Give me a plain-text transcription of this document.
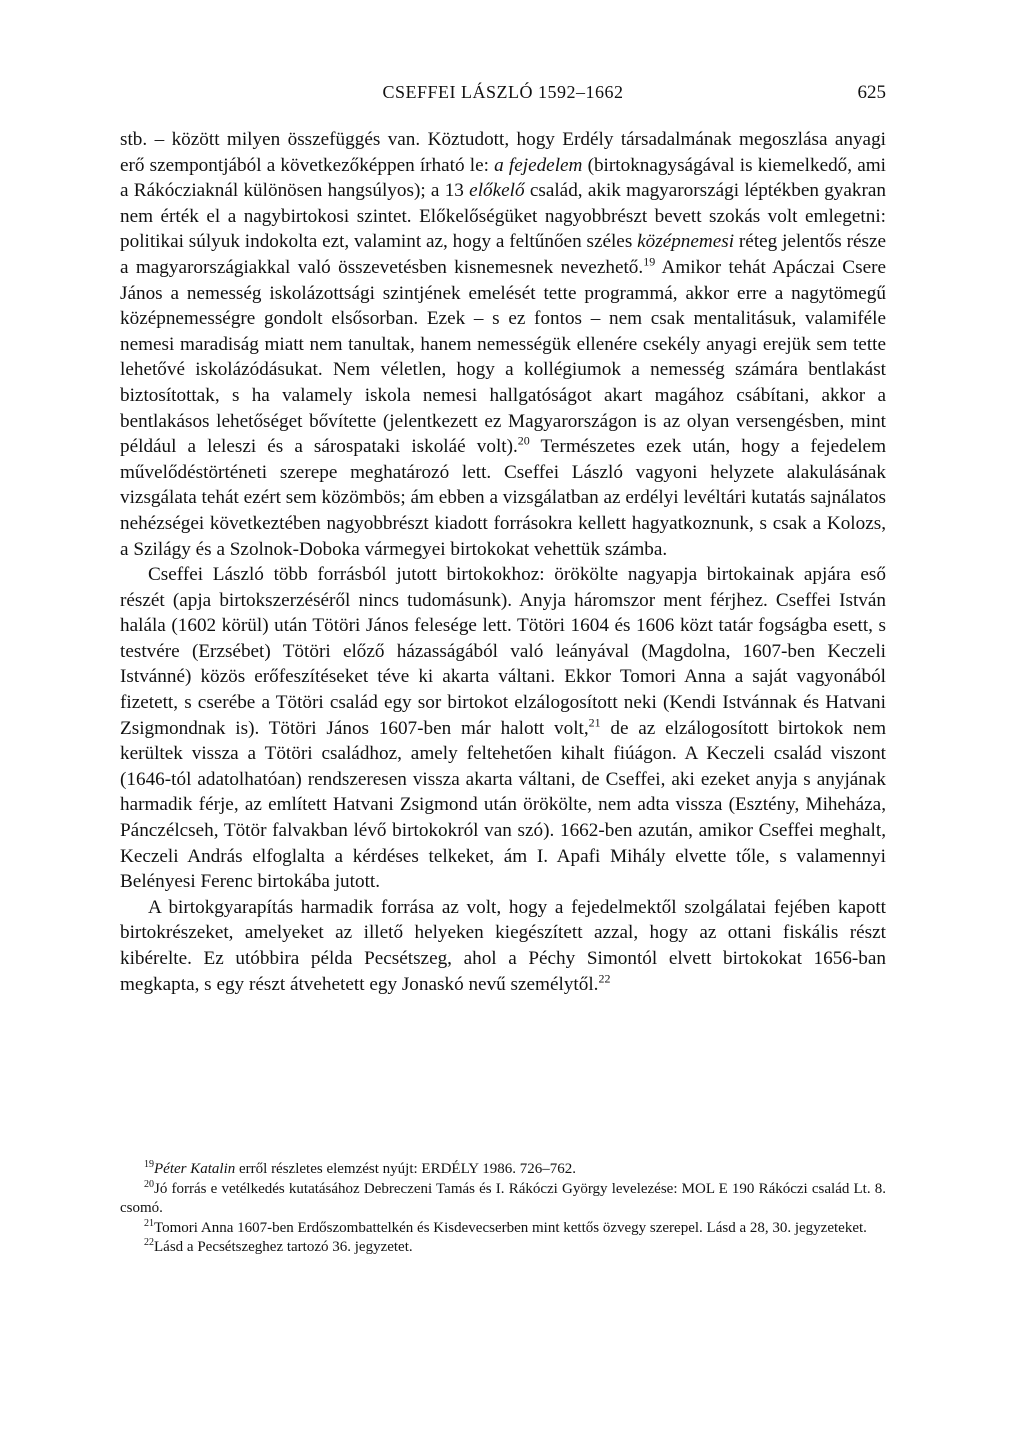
CSEFFEI LÁSZLÓ 1592–1662	625

stb. – között milyen összefüggés van. Köztudott, hogy Erdély társadalmának megoszlása anyagi erő szempontjából a következőképpen írható le: a fejedelem (birtoknagyságával is kiemelkedő, ami a Rákócziaknál különösen hangsúlyos); a 13 előkelő család, akik magyarországi léptékben gyakran nem érték el a nagybirtokosi szintet. Előkelőségüket nagyobbrészt bevett szokás volt emlegetni: politikai súlyuk indokolta ezt, valamint az, hogy a feltűnően széles középnemesi réteg jelentős része a magyarországiakkal való összevetésben kisnemesnek nevezhető.$^{19}$ Amikor tehát Apáczai Csere János a nemesség iskolázottsági szintjének emelését tette programmá, akkor erre a nagytömegű középnemességre gondolt elsősorban. Ezek – s ez fontos – nem csak mentalitásuk, valamiféle nemesi maradiság miatt nem tanultak, hanem nemességük ellenére csekély anyagi erejük sem tette lehetővé iskolázódásukat. Nem véletlen, hogy a kollégiumok a nemesség számára bentlakást biztosítottak, s ha valamely iskola nemesi hallgatóságot akart magához csábítani, akkor a bentlakásos lehetőséget bővítette (jelentkezett ez Magyarországon is az olyan versengésben, mint például a leleszi és a sárospataki iskoláé volt).$^{20}$ Természetes ezek után, hogy a fejedelem művelődéstörténeti szerepe meghatározó lett. Cseffei László vagyoni helyzete alakulásának vizsgálata tehát ezért sem közömbös; ám ebben a vizsgálatban az erdélyi levéltári kutatás sajnálatos nehézségei következtében nagyobbrészt kiadott forrásokra kellett hagyatkoznunk, s csak a Kolozs, a Szilágy és a Szolnok-Doboka vármegyei birtokokat vehettük számba.

Cseffei László több forrásból jutott birtokokhoz: örökölte nagyapja birtokainak apjára eső részét (apja birtokszerzéséről nincs tudomásunk). Anyja háromszor ment férjhez. Cseffei István halála (1602 körül) után Tötöri János felesége lett. Tötöri 1604 és 1606 közt tatár fogságba esett, s testvére (Erzsébet) Tötöri előző házasságából való leányával (Magdolna, 1607-ben Keczeli Istvánné) közös erőfeszítéseket téve ki akarta váltani. Ekkor Tomori Anna a saját vagyonából fizetett, s cserébe a Tötöri család egy sor birtokot elzálogosított neki (Kendi Istvánnak és Hatvani Zsigmondnak is). Tötöri János 1607-ben már halott volt,$^{21}$ de az elzálogosított birtokok nem kerültek vissza a Tötöri családhoz, amely feltehetően kihalt fiúágon. A Keczeli család viszont (1646-tól adatolhatóan) rendszeresen vissza akarta váltani, de Cseffei, aki ezeket anyja s anyjának harmadik férje, az említett Hatvani Zsigmond után örökölte, nem adta vissza (Esztény, Miheháza, Pánczélcseh, Tötör falvakban lévő birtokokról van szó). 1662-ben azután, amikor Cseffei meghalt, Keczeli András elfoglalta a kérdéses telkeket, ám I. Apafi Mihály elvette tőle, s valamennyi Belényesi Ferenc birtokába jutott.

A birtokgyarapítás harmadik forrása az volt, hogy a fejedelmektől szolgálatai fejében kapott birtokrészeket, amelyeket az illető helyeken kiegészített azzal, hogy az ottani fiskális részt kibérelte. Ez utóbbira példa Pecsétszeg, ahol a Péchy Simontól elvett birtokokat 1656-ban megkapta, s egy részt átvehetett egy Jonaskó nevű személytől.$^{22}$

$^{19}$Péter Katalin erről részletes elemzést nyújt: ERDÉLY 1986. 726–762.

$^{20}$Jó forrás e vetélkedés kutatásához Debreczeni Tamás és I. Rákóczi György levelezése: MOL E 190 Rákóczi család Lt. 8. csomó.

$^{21}$Tomori Anna 1607-ben Erdőszombattelkén és Kisdevecserben mint kettős özvegy szerepel. Lásd a 28, 30. jegyzeteket.

$^{22}$Lásd a Pecsétszeghez tartozó 36. jegyzetet.
